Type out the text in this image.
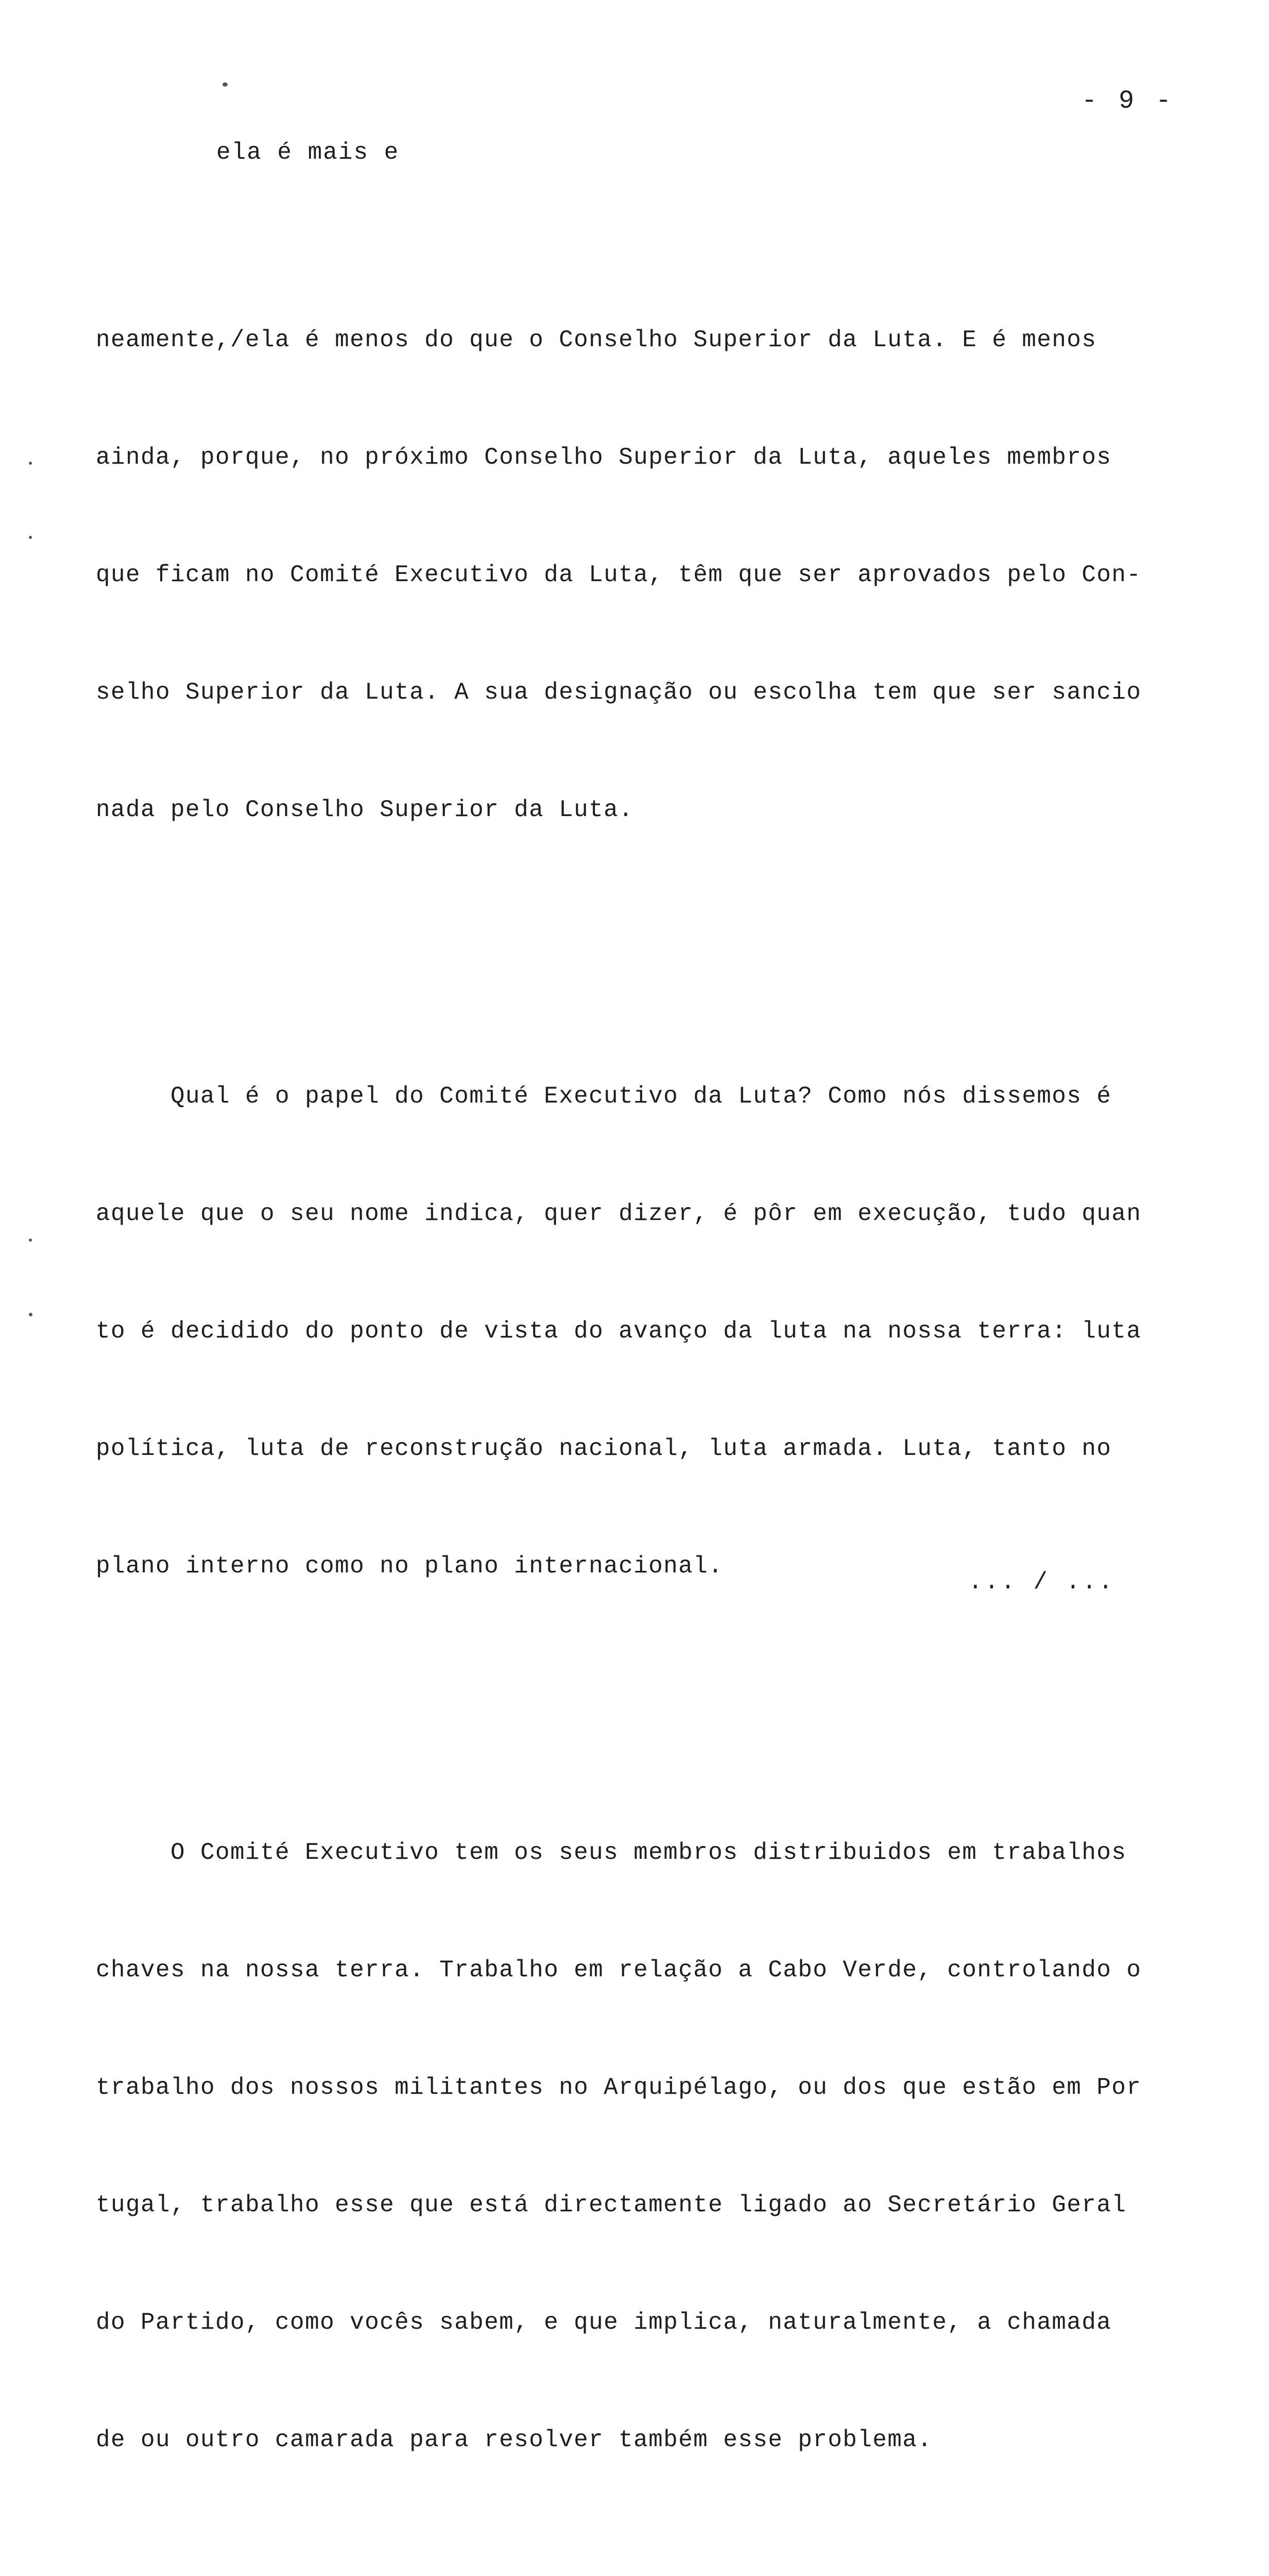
- 9 -
ela é mais e

neamente,/ela é menos do que o Conselho Superior da Luta. E é menos

ainda, porque, no próximo Conselho Superior da Luta, aqueles membros

que ficam no Comité Executivo da Luta, têm que ser aprovados pelo Con-

selho Superior da Luta. A sua designação ou escolha tem que ser sancio

nada pelo Conselho Superior da Luta.

Qual é o papel do Comité Executivo da Luta? Como nós dissemos é

aquele que o seu nome indica, quer dizer, é pôr em execução, tudo quan

to é decidido do ponto de vista do avanço da luta na nossa terra: luta

política, luta de reconstrução nacional, luta armada. Luta, tanto no

plano interno como no plano internacional.

O Comité Executivo tem os seus membros distribuidos em trabalhos

chaves na nossa terra. Trabalho em relação a Cabo Verde, controlando o

trabalho dos nossos militantes no Arquipélago, ou dos que estão em Por

tugal, trabalho esse que está directamente ligado ao Secretário Geral

do Partido, como vocês sabem, e que implica, naturalmente, a chamada

de ou outro camarada para resolver também esse problema.

... / ...
